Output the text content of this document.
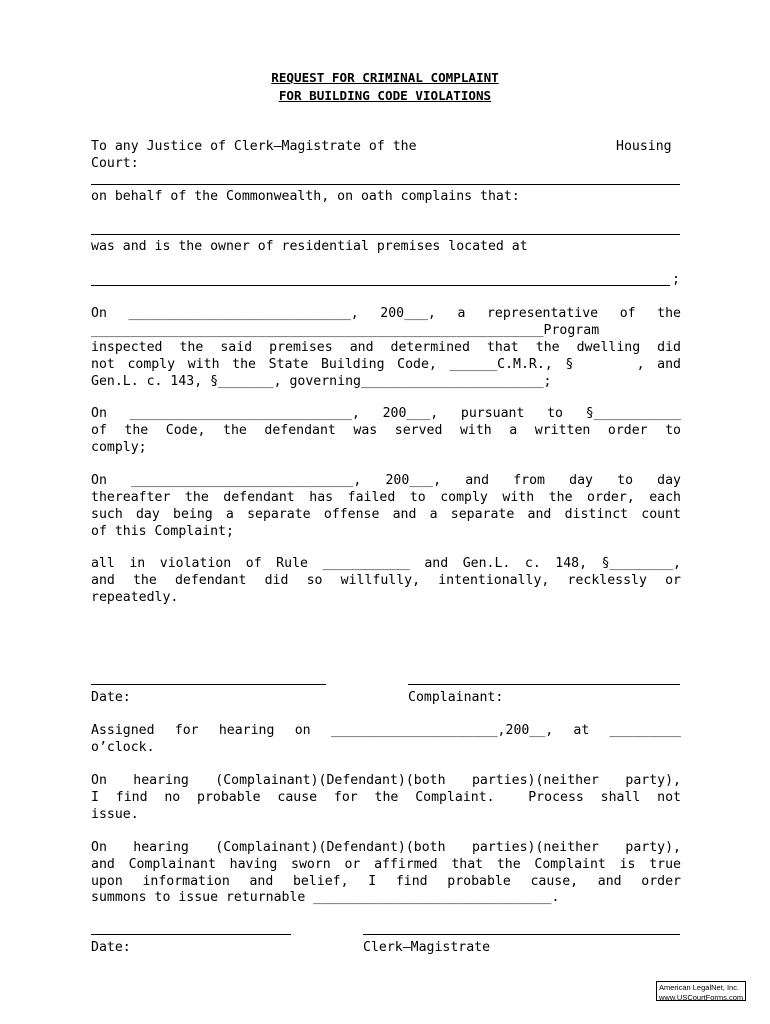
REQUEST FOR CRIMINAL COMPLAINT
FOR BUILDING CODE VIOLATIONS
To any Justice of Clerk–Magistrate of the	Housing
Court:
on behalf of the Commonwealth, on oath complains that:
was and is the owner of residential premises located at
;
On ____________________________, 200___, a representative of the
_________________________________________________________Program
inspected the said premises and determined that the dwelling did
not comply with the State Building Code, ______C.M.R., §     , and
Gen.L. c. 143, §_______, governing_______________________;
On ____________________________, 200___, pursuant to §___________
of the Code, the defendant was served with a written order to
comply;
On ____________________________, 200___, and from day to day
thereafter the defendant has failed to comply with the order, each
such day being a separate offense and a separate and distinct count
of this Complaint;
all in violation of Rule ___________ and Gen.L. c. 148, §________,
and the defendant did so willfully, intentionally, recklessly or
repeatedly.
Date:	Complainant:
Assigned for hearing on _____________________,200__, at _________
o’clock.
On hearing (Complainant)(Defendant)(both parties)(neither party),
I find no probable cause for the Complaint.  Process shall not
issue.
On hearing (Complainant)(Defendant)(both parties)(neither party),
and Complainant having sworn or affirmed that the Complaint is true
upon information and belief, I find probable cause, and order
summons to issue returnable ______________________________.
Date:	Clerk–Magistrate
American LegalNet, Inc.
www.USCourtForms.com
